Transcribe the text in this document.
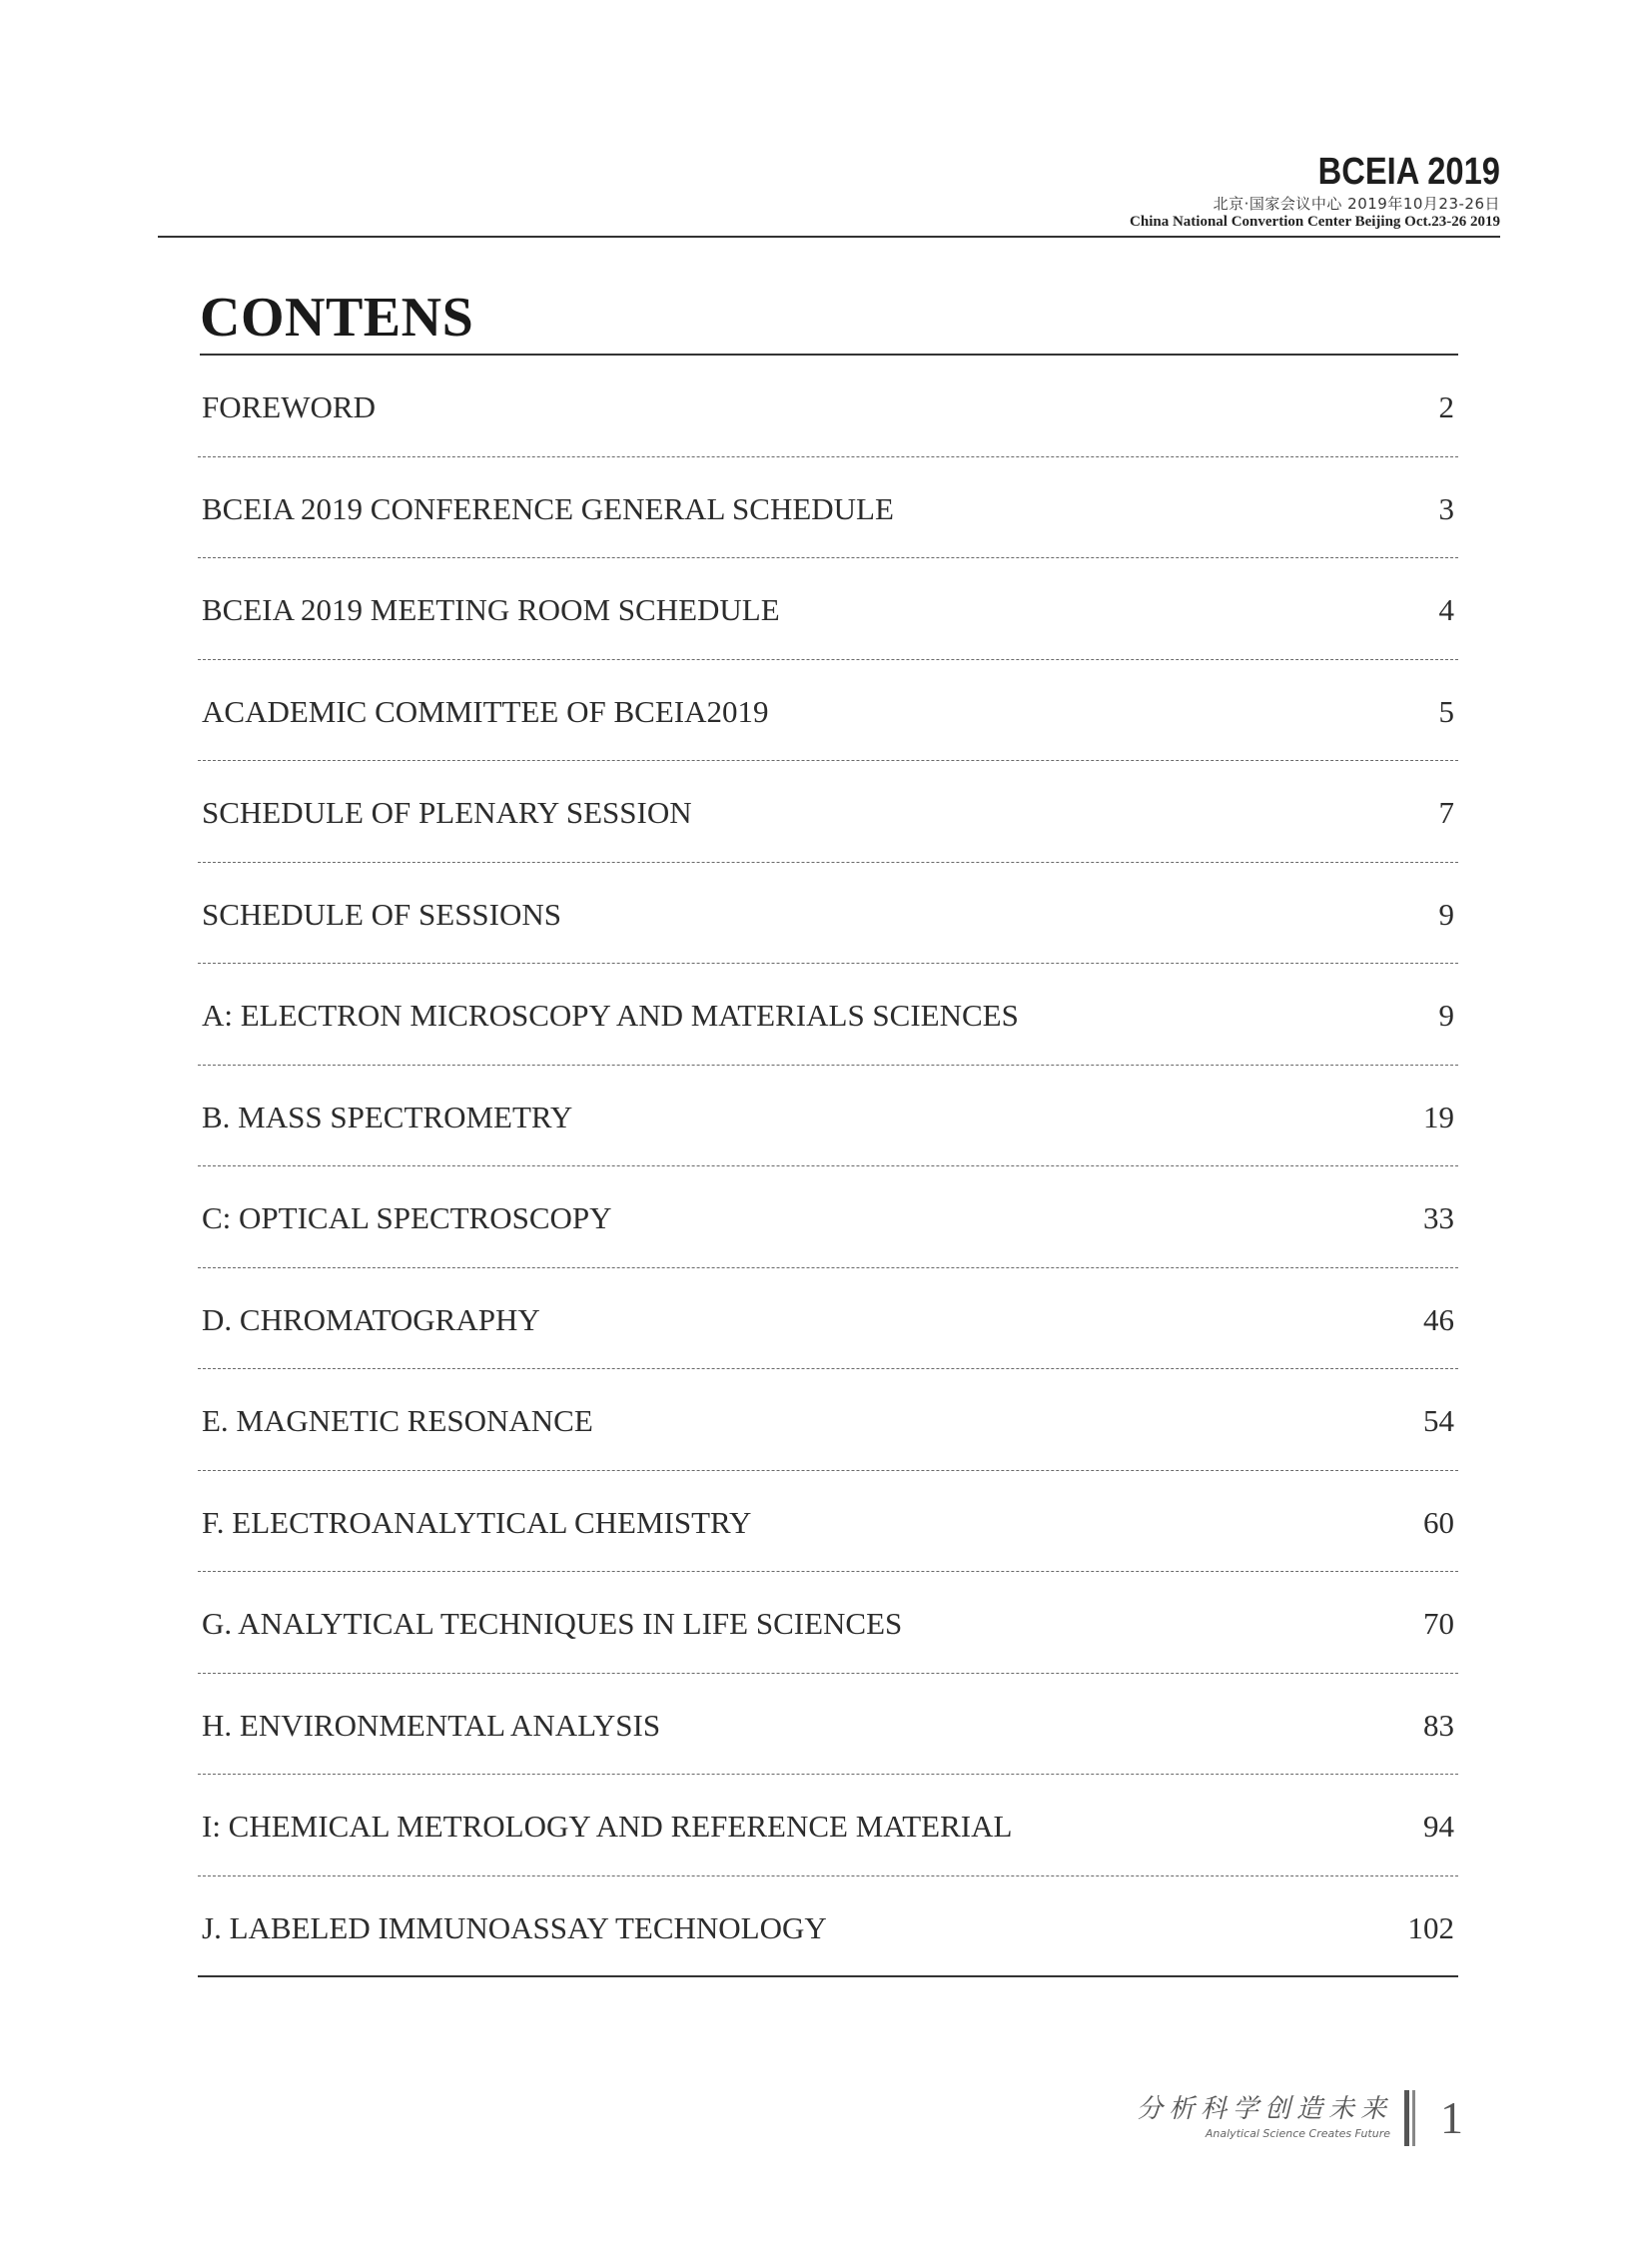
BCEIA 2019
北京·国家会议中心 2019年10月23-26日
China National Convertion Center Beijing Oct.23-26 2019
CONTENS
FOREWORD	2
BCEIA 2019 CONFERENCE GENERAL SCHEDULE	3
BCEIA 2019 MEETING ROOM SCHEDULE	4
ACADEMIC COMMITTEE OF BCEIA2019	5
SCHEDULE OF PLENARY SESSION	7
SCHEDULE OF SESSIONS	9
A: ELECTRON MICROSCOPY AND MATERIALS SCIENCES	9
B. MASS SPECTROMETRY	19
C: OPTICAL SPECTROSCOPY	33
D. CHROMATOGRAPHY	46
E. MAGNETIC RESONANCE	54
F. ELECTROANALYTICAL CHEMISTRY	60
G. ANALYTICAL TECHNIQUES IN LIFE SCIENCES	70
H. ENVIRONMENTAL ANALYSIS	83
I: CHEMICAL METROLOGY AND REFERENCE MATERIAL	94
J. LABELED IMMUNOASSAY TECHNOLOGY	102
分析科学创造未来
Analytical Science Creates Future 1
